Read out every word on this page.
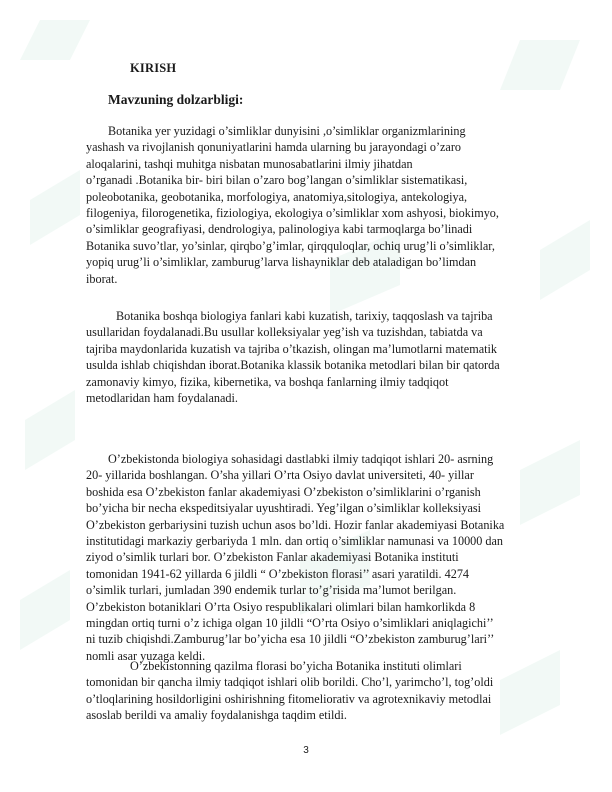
KIRISH
Mavzuning dolzarbligi:

Botanika yer yuzidagi o’simliklar dunyisini ,o’simliklar organizmlarining
yashash va rivojlanish qonuniyatlarini hamda ularning bu jarayondagi o’zaro
aloqalarini, tashqi muhitga nisbatan munosabatlarini ilmiy jihatdan
o’rganadi .Botanika bir- biri bilan o’zaro bog’langan o’simliklar sistematikasi,
poleobotanika, geobotanika, morfologiya, anatomiya,sitologiya, antekologiya,
filogeniya, filorogenetika, fiziologiya, ekologiya o’simliklar xom ashyosi, biokimyo,
o’simliklar geografiyasi, dendrologiya, palinologiya kabi tarmoqlarga bo’linadi
Botanika suvo’tlar, yo’sinlar, qirqbo’g’imlar, qirqquloqlar, ochiq urug’li o’simliklar,
yopiq urug’li o’simliklar, zamburug’larva lishayniklar deb ataladigan bo’limdan
iborat.

Botanika boshqa biologiya fanlari kabi kuzatish, tarixiy, taqqoslash va tajriba
usullaridan foydalanadi.Bu usullar kolleksiyalar yeg’ish va tuzishdan, tabiatda va
tajriba maydonlarida kuzatish va tajriba o’tkazish, olingan ma’lumotlarni matematik
usulda ishlab chiqishdan iborat.Botanika klassik botanika metodlari bilan bir qatorda
zamonaviy kimyo, fizika, kibernetika, va boshqa fanlarning ilmiy tadqiqot
metodlaridan ham foydalanadi.

O’zbekistonda biologiya sohasidagi dastlabki ilmiy tadqiqot ishlari 20- asrning
20- yillarida boshlangan. O’sha yillari O’rta Osiyo davlat universiteti, 40- yillar
boshida esa O’zbekiston fanlar akademiyasi O’zbekiston o’simliklarini o’rganish
bo’yicha bir necha ekspeditsiyalar uyushtiradi. Yeg’ilgan o’simliklar kolleksiyasi
O’zbekiston gerbariysini tuzish uchun asos bo’ldi. Hozir fanlar akademiyasi Botanika
institutidagi markaziy gerbariyda 1 mln. dan ortiq o’simliklar namunasi va 10000 dan
ziyod o’simlik turlari bor. O’zbekiston Fanlar akademiyasi Botanika instituti
tomonidan 1941-62 yillarda 6 jildli “ O’zbekiston florasi’’ asari yaratildi. 4274
o’simlik turlari, jumladan 390 endemik turlar to’g’risida ma’lumot berilgan.
O’zbekiston botaniklari O’rta Osiyo respublikalari olimlari bilan hamkorlikda 8
mingdan ortiq turni o’z ichiga olgan 10 jildli “O’rta Osiyo o’simliklari aniqlagichi’’
ni tuzib chiqishdi.Zamburug’lar bo’yicha esa 10 jildli “O’zbekiston zamburug’lari’’
nomli asar yuzaga keldi.

O’zbekistonning qazilma florasi bo’yicha Botanika instituti olimlari
tomonidan bir qancha ilmiy tadqiqot ishlari olib borildi. Cho’l, yarimcho’l, tog’oldi
o’tloqlarining hosildorligini oshirishning fitomeliorativ va agrotexnikaviy metodlai
asoslab berildi va amaliy foydalanishga taqdim etildi.

3
